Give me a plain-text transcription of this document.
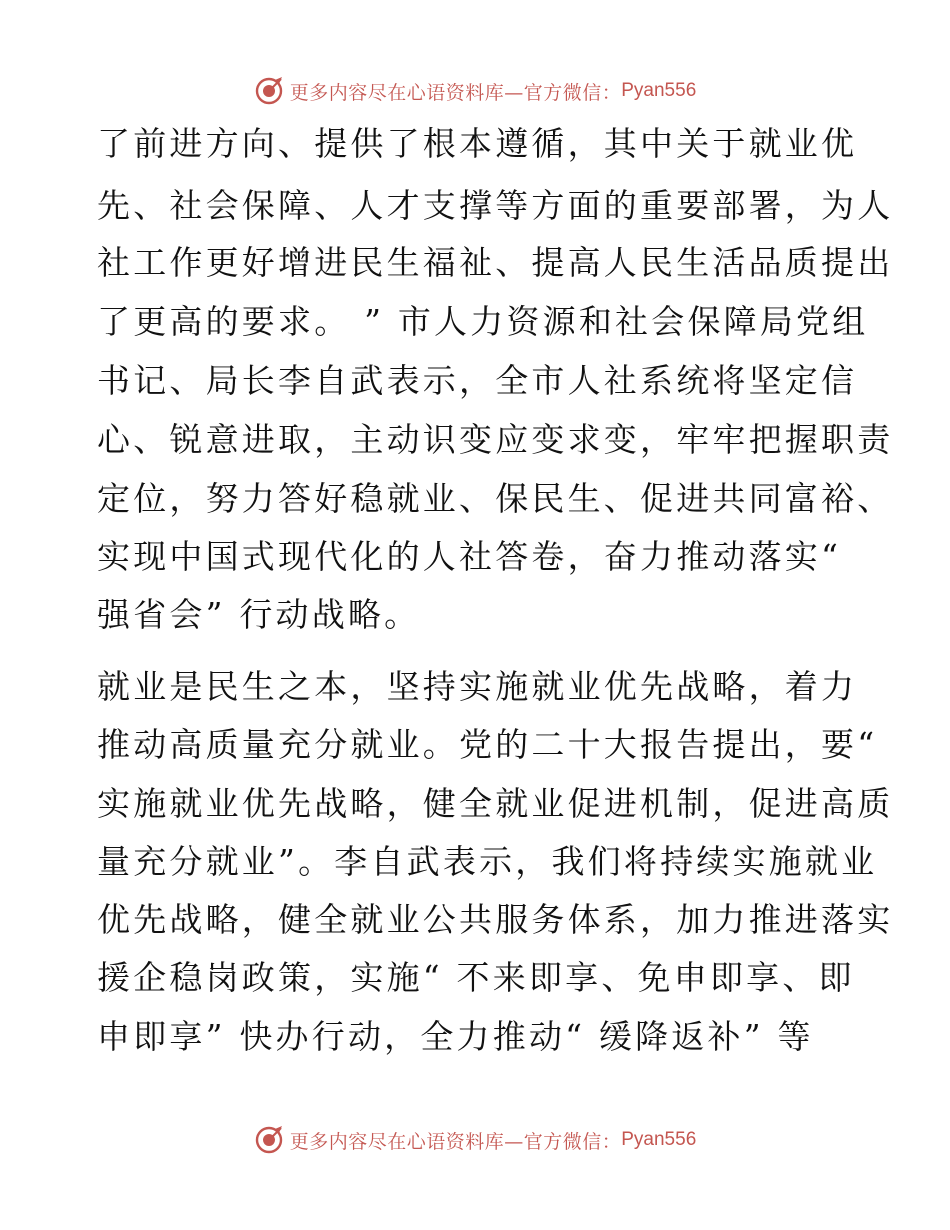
更多内容尽在心语资料库—官方微信： Pyan556
了前进方向、提供了根本遵循，其中关于就业优
先、社会保障、人才支撑等方面的重要部署，为人
社工作更好增进民生福祉、提高人民生活品质提出
了更高的要求。 ” 市人力资源和社会保障局党组
书记、局长李自武表示，全市人社系统将坚定信
心、锐意进取，主动识变应变求变，牢牢把握职责
定位，努力答好稳就业、保民生、促进共同富裕、
实现中国式现代化的人社答卷，奋力推动落实“
强省会” 行动战略。
就业是民生之本，坚持实施就业优先战略，着力
推动高质量充分就业。党的二十大报告提出，要“
实施就业优先战略，健全就业促进机制，促进高质
量充分就业”。李自武表示，我们将持续实施就业
优先战略，健全就业公共服务体系，加力推进落实
援企稳岗政策，实施“ 不来即享、免申即享、即
申即享” 快办行动，全力推动“ 缓降返补” 等
更多内容尽在心语资料库—官方微信： Pyan556
